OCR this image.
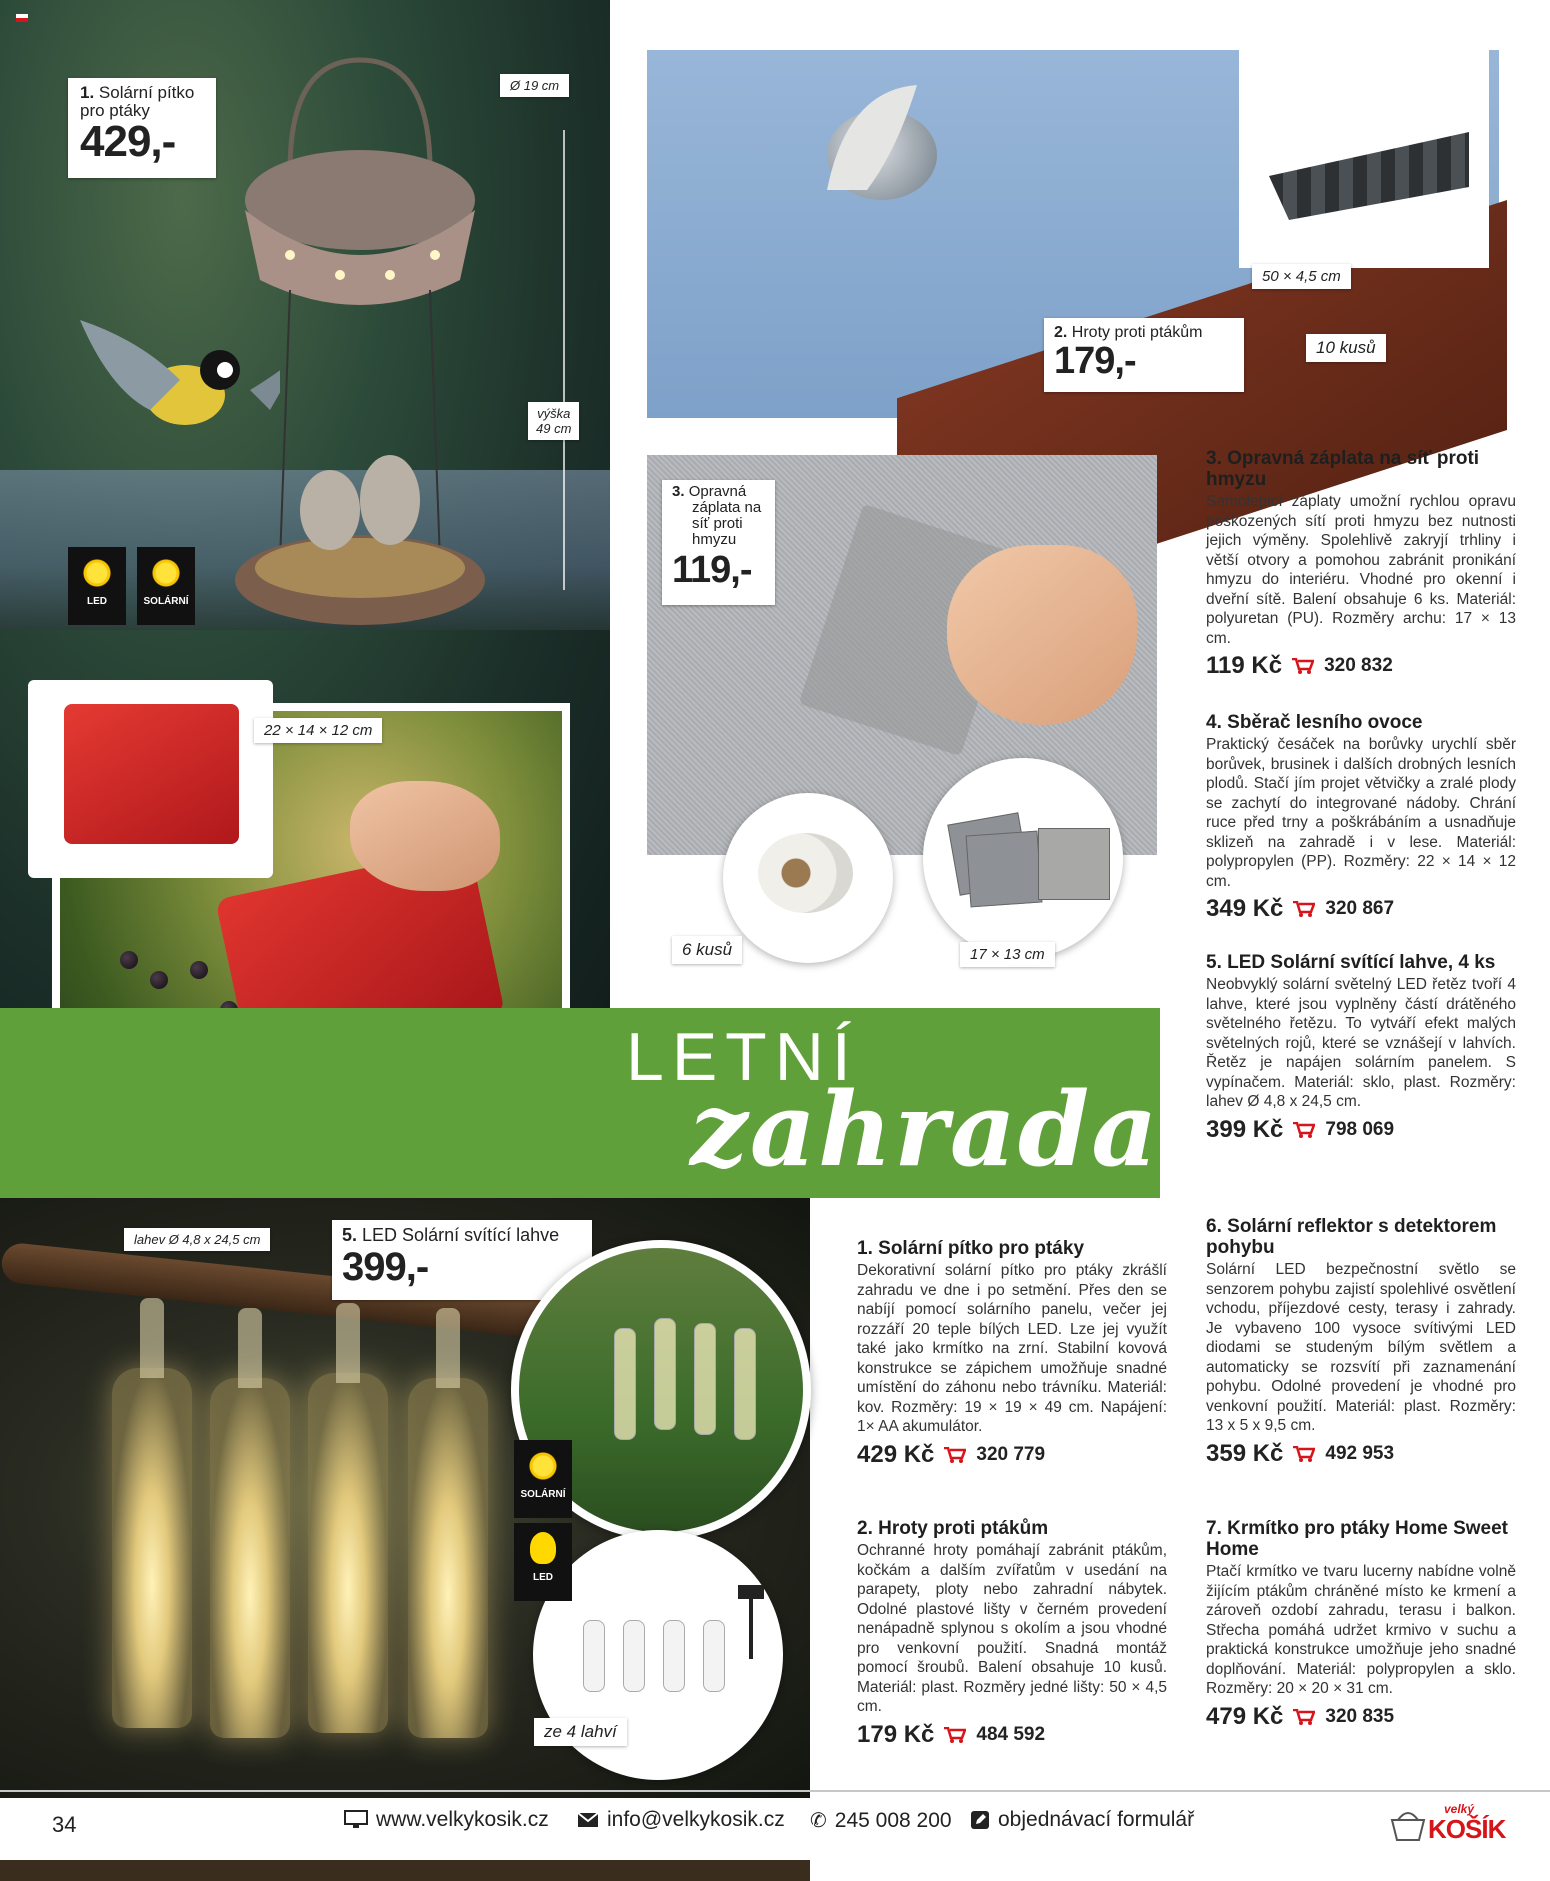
1. Solární pítko
pro ptáky
429,-
Ø 19 cm
výška
49 cm
LED	SOLÁRNÍ
22 × 14 × 12 cm

50 × 4,5 cm
10 kusů
2. Hroty proti ptákům
179,-
3. Opravná
záplata na
síť proti
hmyzu
119,-
6 kusů	17 × 13 cm
LETNÍ
zahrada
lahev Ø 4,8 x 24,5 cm	5. LED Solární svítící lahve
399,-
ze 4 lahví
SOLÁRNÍ
LED
3. Opravná záplata na síť proti hmyzu

Samolepicí záplaty umožní rychlou opravu poškozených sítí proti hmyzu bez nutnosti jejich výměny. Spolehlivě zakryjí trhliny i větší otvory a pomohou zabránit pronikání hmyzu do interiéru. Vhodné pro okenní i dveřní sítě. Balení obsahuje 6 ks. Materiál: polyuretan (PU). Rozměry archu: 17 × 13 cm.

119 Kč 320 832
4. Sběrač lesního ovoce

Praktický česáček na borůvky urychlí sběr borůvek, brusinek i dalších drobných lesních plodů. Stačí jím projet větvičky a zralé plody se zachytí do integrované nádoby. Chrání ruce před trny a poškrábáním a usnadňuje sklizeň na zahradě i v lese. Materiál: polypropylen (PP). Rozměry: 22 × 14 × 12 cm.

349 Kč 320 867
5. LED Solární svítící lahve, 4 ks

Neobvyklý solární světelný LED řetěz tvoří 4 lahve, které jsou vyplněny částí drátěného světelného řetězu. To vytváří efekt malých světelných rojů, které se vznášejí v lahvích. Řetěz je napájen solárním panelem. S vypínačem. Materiál: sklo, plast. Rozměry: lahev Ø 4,8 x 24,5 cm.

399 Kč 798 069
6. Solární reflektor s detektorem pohybu

Solární LED bezpečnostní světlo se senzorem pohybu zajistí spolehlivé osvětlení vchodu, příjezdové cesty, terasy i zahrady. Je vybaveno 100 vysoce svítivými LED diodami se studeným bílým světlem a automaticky se rozsvítí při zaznamenání pohybu. Odolné provedení je vhodné pro venkovní použití. Materiál: plast. Rozměry: 13 x 5 x 9,5 cm.

359 Kč 492 953
7. Krmítko pro ptáky Home Sweet Home

Ptačí krmítko ve tvaru lucerny nabídne volně žijícím ptákům chráněné místo ke krmení a zároveň ozdobí zahradu, terasu i balkon. Střecha pomáhá udržet krmivo v suchu a praktická konstrukce umožňuje jeho snadné doplňování. Materiál: polypropylen a sklo. Rozměry: 20 × 20 × 31 cm.

479 Kč 320 835
1. Solární pítko pro ptáky

Dekorativní solární pítko pro ptáky zkrášlí zahradu ve dne i po setmění. Přes den se nabíjí pomocí solárního panelu, večer jej rozzáří 20 teple bílých LED. Lze jej využít také jako krmítko na zrní. Stabilní kovová konstrukce se zápichem umožňuje snadné umístění do záhonu nebo trávníku. Materiál: kov. Rozměry: 19 × 19 × 49 cm. Napájení: 1× AA akumulátor.

429 Kč 320 779
2. Hroty proti ptákům

Ochranné hroty pomáhají zabránit ptákům, kočkám a dalším zvířatům v usedání na parapety, ploty nebo zahradní nábytek. Odolné plastové lišty v černém provedení nenápadně splynou s okolím a jsou vhodné pro venkovní použití. Snadná montáž pomocí šroubů. Balení obsahuje 10 kusů. Materiál: plast. Rozměry jedné lišty: 50 × 4,5 cm.

179 Kč 484 592
34	www.velkykosik.cz	info@velkykosik.cz ✆ 245 008 200 objednávací formulář	velký
KOŠÍK
